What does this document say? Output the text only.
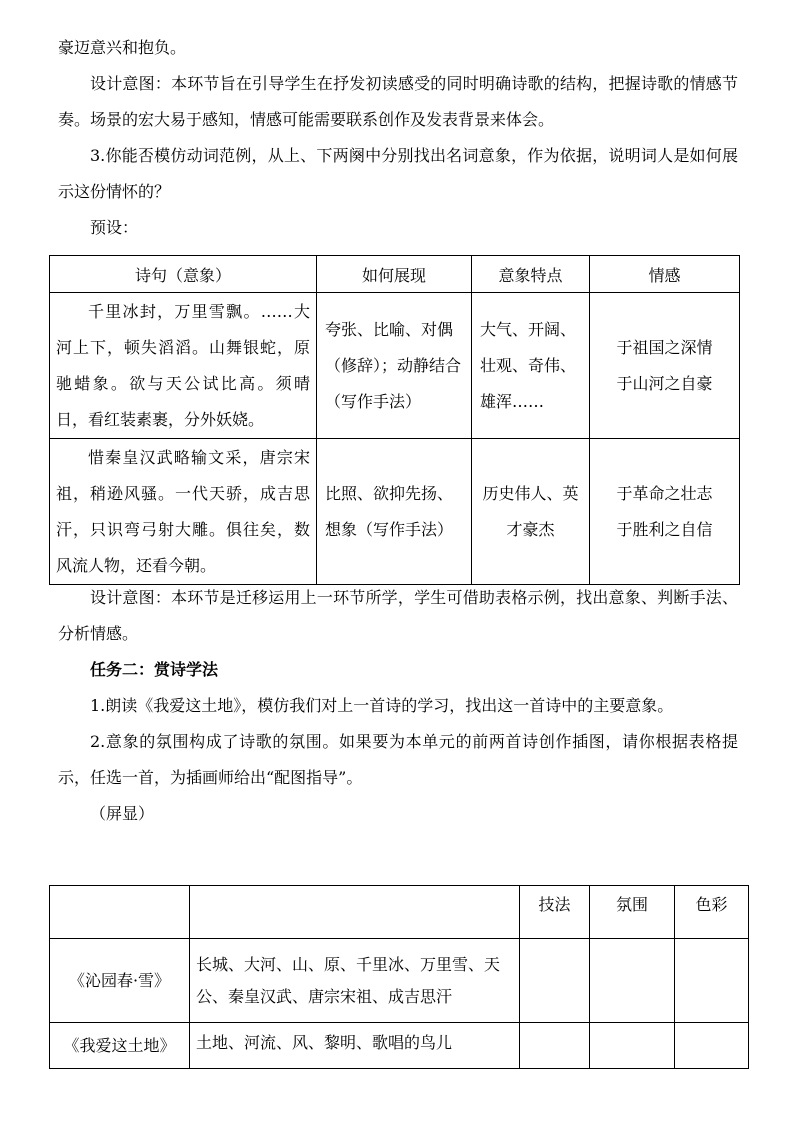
豪迈意兴和抱负。

设计意图：本环节旨在引导学生在抒发初读感受的同时明确诗歌的结构，把握诗歌的情感节奏。场景的宏大易于感知，情感可能需要联系创作及发表背景来体会。

3.你能否模仿动词范例，从上、下两阕中分别找出名词意象，作为依据，说明词人是如何展示这份情怀的？

预设：

诗句（意象）	如何展现	意象特点	情感
千里冰封，万里雪飘。……大河上下，顿失滔滔。山舞银蛇，原驰蜡象。欲与天公试比高。须晴日，看红装素裹，分外妖娆。	夸张、比喻、对偶（修辞）；动静结合（写作手法）	大气、开阔、壮观、奇伟、雄浑……	于祖国之深情
于山河之自豪

惜秦皇汉武略输文采，唐宗宋祖，稍逊风骚。一代天骄，成吉思汗，只识弯弓射大雕。俱往矣，数风流人物，还看今朝。	比照、欲抑先扬、想象（写作手法）	历史伟人、英才豪杰	于革命之壮志
于胜利之自信

设计意图：本环节是迁移运用上一环节所学，学生可借助表格示例，找出意象、判断手法、分析情感。

任务二：赏诗学法

1.朗读《我爱这土地》，模仿我们对上一首诗的学习，找出这一首诗中的主要意象。

2.意象的氛围构成了诗歌的氛围。如果要为本单元的前两首诗创作插图，请你根据表格提示，任选一首，为插画师给出“配图指导”。

（屏显）

		技法	氛围	色彩
《沁园春·雪》	长城、大河、山、原、千里冰、万里雪、天公、秦皇汉武、唐宗宋祖、成吉思汗			
《我爱这土地》	土地、河流、风、黎明、歌唱的鸟儿			
